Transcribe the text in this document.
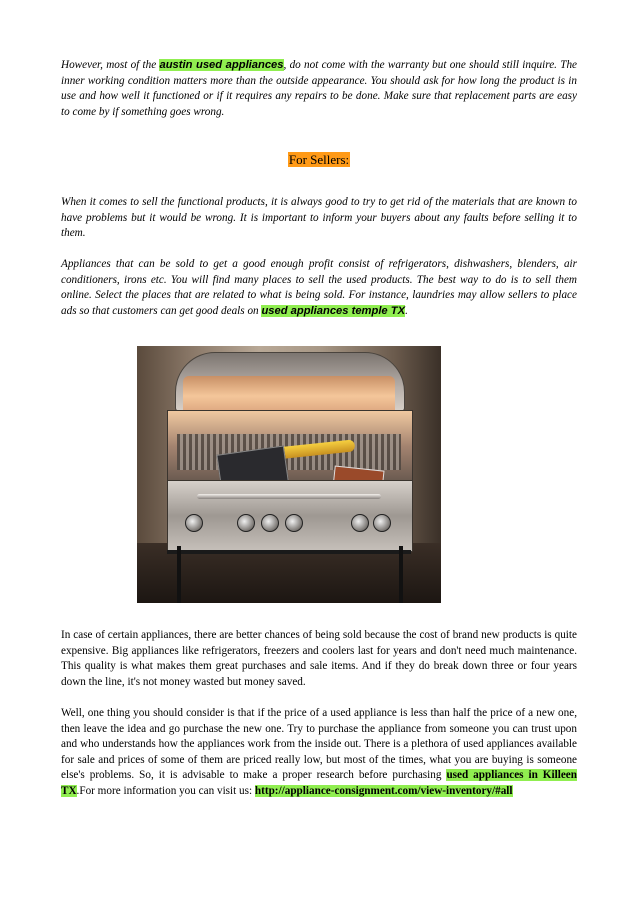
However, most of the austin used appliances, do not come with the warranty but one should still inquire. The inner working condition matters more than the outside appearance. You should ask for how long the product is in use and how well it functioned or if it requires any repairs to be done. Make sure that replacement parts are easy to come by if something goes wrong.

For Sellers:

When it comes to sell the functional products, it is always good to try to get rid of the materials that are known to have problems but it would be wrong. It is important to inform your buyers about any faults before selling it to them.

Appliances that can be sold to get a good enough profit consist of refrigerators, dishwashers, blenders, air conditioners, irons etc. You will find many places to sell the used products. The best way to do is to sell them online. Select the places that are related to what is being sold. For instance, laundries may allow sellers to place ads so that customers can get good deals on used appliances temple TX.

In case of certain appliances, there are better chances of being sold because the cost of brand new products is quite expensive. Big appliances like refrigerators, freezers and coolers last for years and don't need much maintenance. This quality is what makes them great purchases and sale items. And if they do break down three or four years down the line, it's not money wasted but money saved.

Well, one thing you should consider is that if the price of a used appliance is less than half the price of a new one, then leave the idea and go purchase the new one. Try to purchase the appliance from someone you can trust upon and who understands how the appliances work from the inside out. There is a plethora of used appliances available for sale and prices of some of them are priced really low, but most of the times, what you are buying is someone else's problems. So, it is advisable to make a proper research before purchasing used appliances in Killeen TX.For more information you can visit us: http://appliance-consignment.com/view-inventory/#all
